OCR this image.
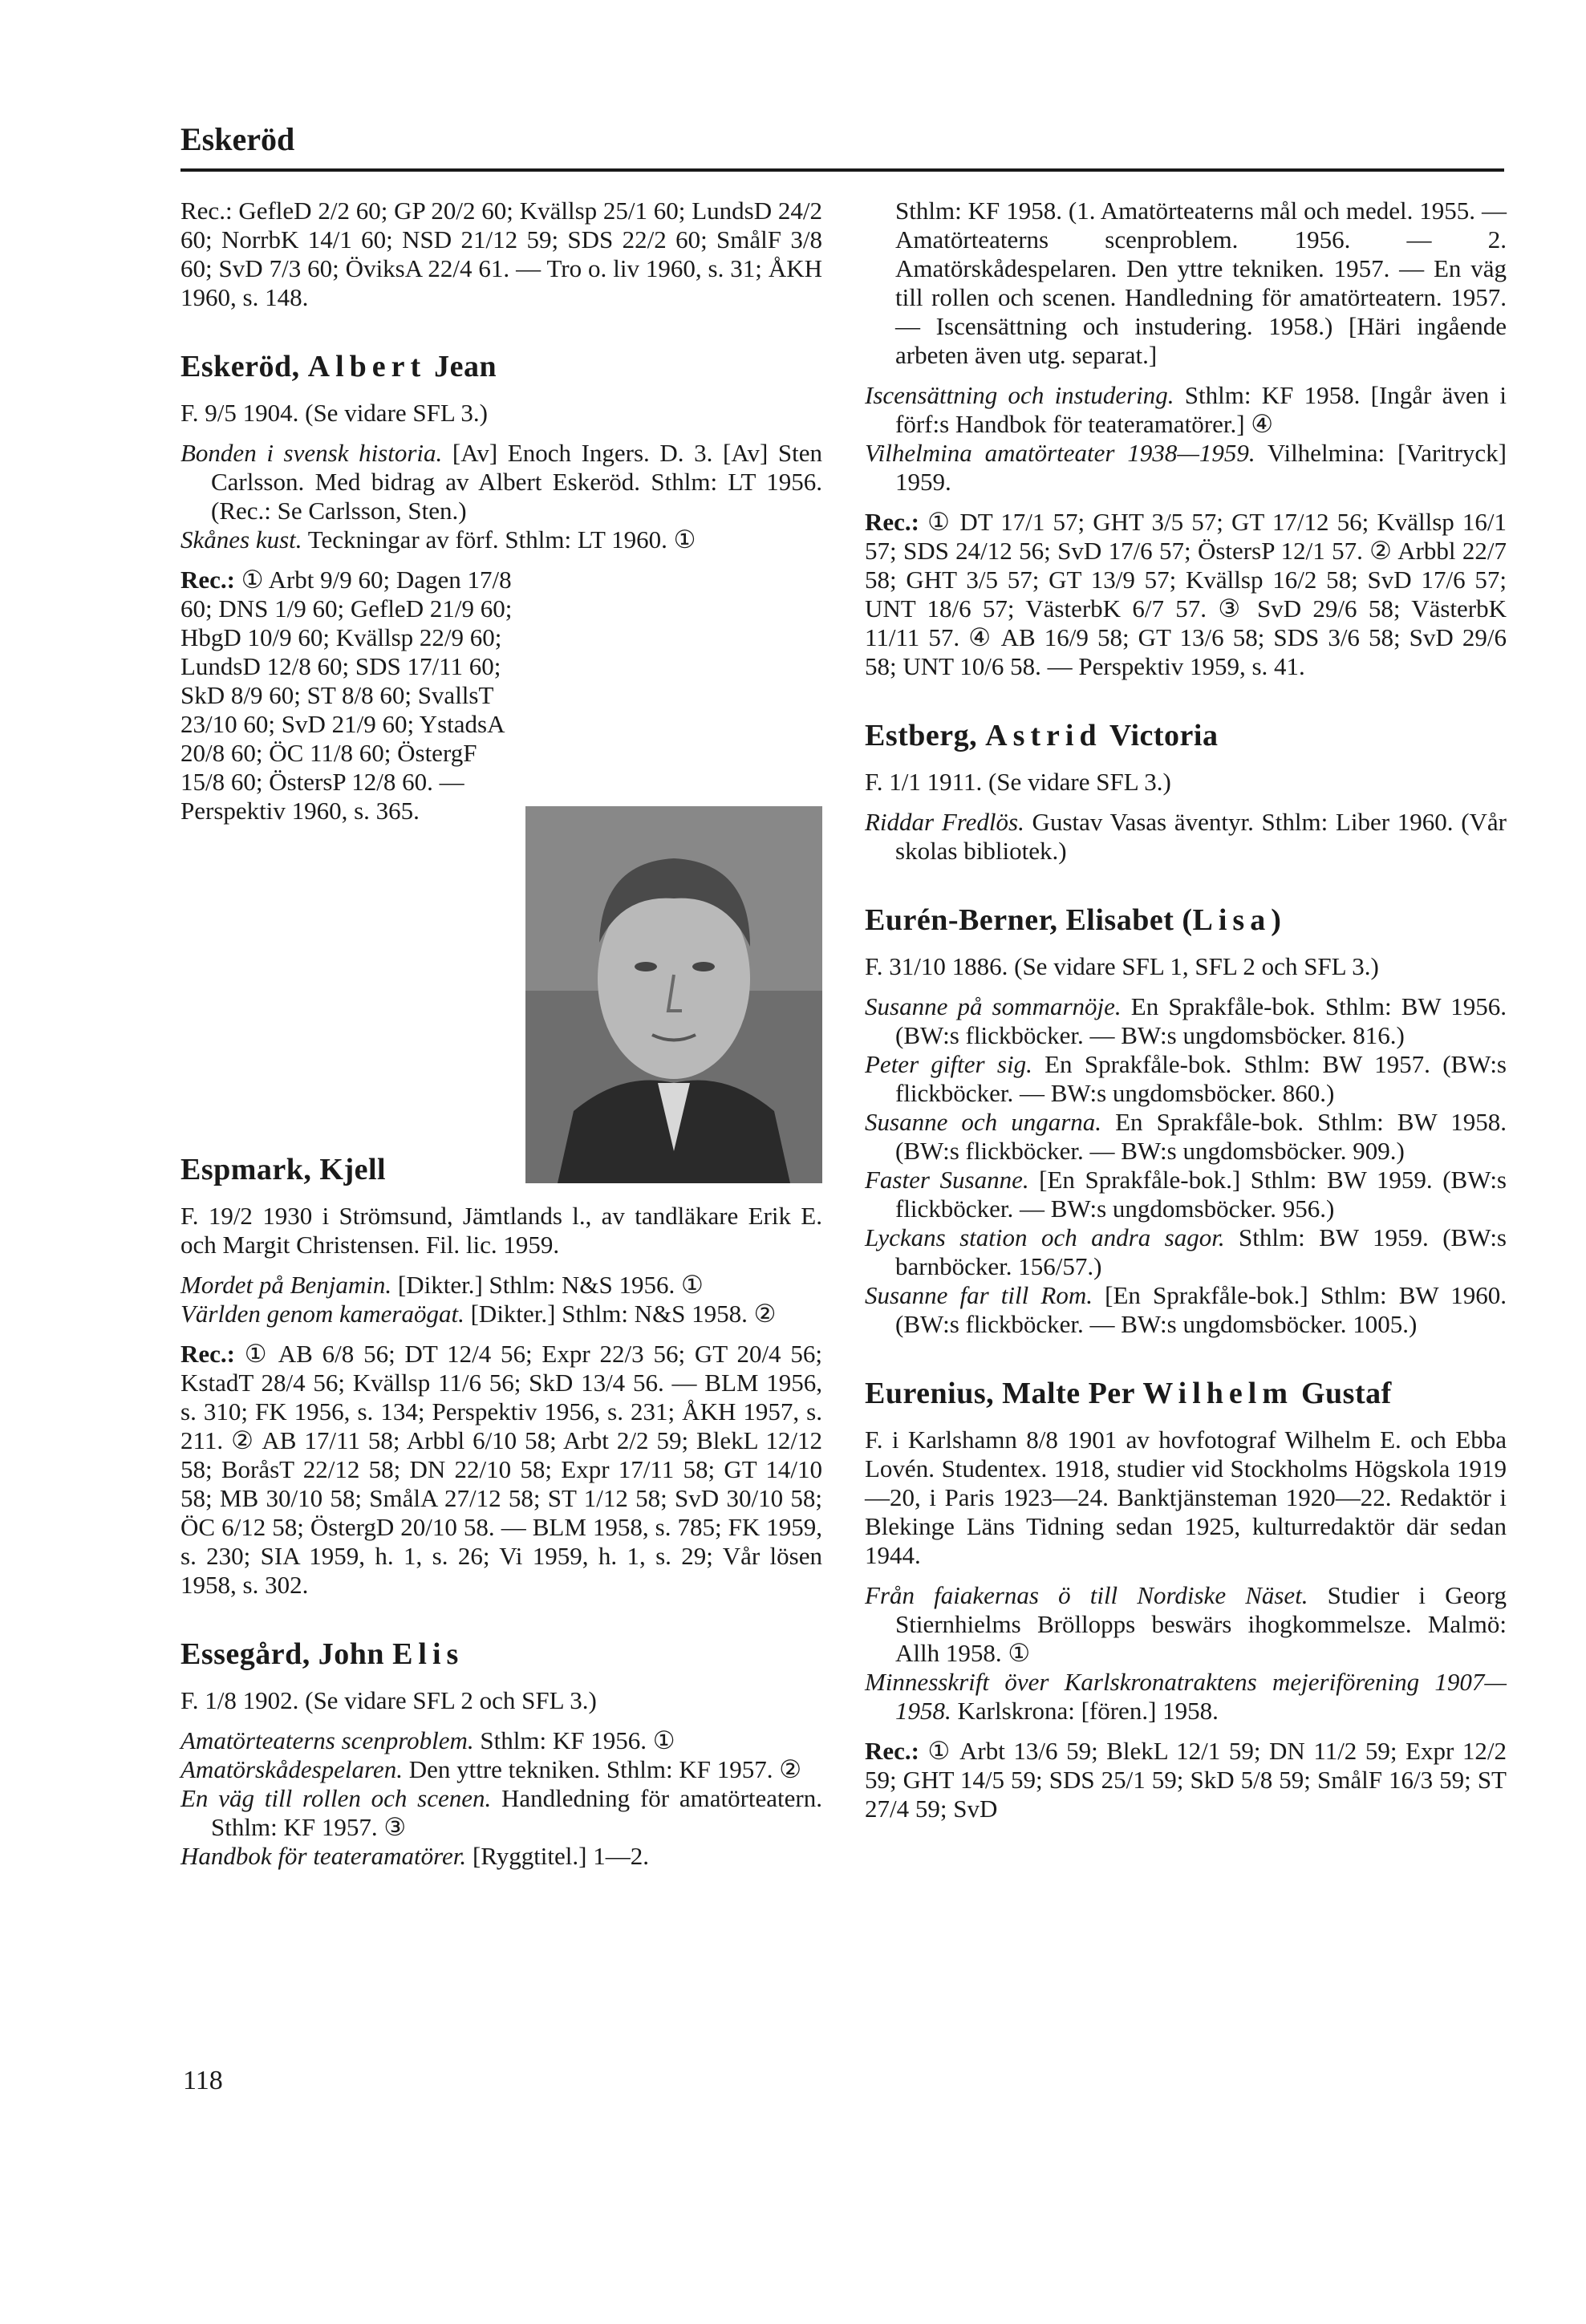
Eskeröd
Rec.: GefleD 2/2 60; GP 20/2 60; Kvällsp 25/1 60; LundsD 24/2 60; NorrbK 14/1 60; NSD 21/12 59; SDS 22/2 60; SmålF 3/8 60; SvD 7/3 60; ÖviksA 22/4 61. — Tro o. liv 1960, s. 31; ÅKH 1960, s. 148.
Eskeröd, Albert Jean
F. 9/5 1904. (Se vidare SFL 3.)
Bonden i svensk historia. [Av] Enoch Ingers. D. 3. [Av] Sten Carlsson. Med bidrag av Albert Eskeröd. Sthlm: LT 1956. (Rec.: Se Carlsson, Sten.)
Skånes kust. Teckningar av förf. Sthlm: LT 1960. ①
Rec.: ① Arbt 9/9 60; Dagen 17/8 60; DNS 1/9 60; GefleD 21/9 60; HbgD 10/9 60; Kvällsp 22/9 60; LundsD 12/8 60; SDS 17/11 60; SkD 8/9 60; ST 8/8 60; SvallsT 23/10 60; SvD 21/9 60; YstadsA 20/8 60; ÖC 11/8 60; ÖstergF 15/8 60; ÖstersP 12/8 60. — Perspektiv 1960, s. 365.
Espmark, Kjell
F. 19/2 1930 i Strömsund, Jämtlands l., av tandläkare Erik E. och Margit Christensen. Fil. lic. 1959.
Mordet på Benjamin. [Dikter.] Sthlm: N&S 1956. ①
Världen genom kameraögat. [Dikter.] Sthlm: N&S 1958. ②
Rec.: ① AB 6/8 56; DT 12/4 56; Expr 22/3 56; GT 20/4 56; KstadT 28/4 56; Kvällsp 11/6 56; SkD 13/4 56. — BLM 1956, s. 310; FK 1956, s. 134; Perspektiv 1956, s. 231; ÅKH 1957, s. 211. ② AB 17/11 58; Arbbl 6/10 58; Arbt 2/2 59; BlekL 12/12 58; BoråsT 22/12 58; DN 22/10 58; Expr 17/11 58; GT 14/10 58; MB 30/10 58; SmålA 27/12 58; ST 1/12 58; SvD 30/10 58; ÖC 6/12 58; ÖstergD 20/10 58. — BLM 1958, s. 785; FK 1959, s. 230; SIA 1959, h. 1, s. 26; Vi 1959, h. 1, s. 29; Vår lösen 1958, s. 302.
Essegård, John Elis
F. 1/8 1902. (Se vidare SFL 2 och SFL 3.)
Amatörteaterns scenproblem. Sthlm: KF 1956. ①
Amatörskådespelaren. Den yttre tekniken. Sthlm: KF 1957. ②
En väg till rollen och scenen. Handledning för amatörteatern. Sthlm: KF 1957. ③
Handbok för teateramatörer. [Ryggtitel.] 1—2.
Sthlm: KF 1958. (1. Amatörteaterns mål och medel. 1955. — Amatörteaterns scenproblem. 1956. — 2. Amatörskådespelaren. Den yttre tekniken. 1957. — En väg till rollen och scenen. Handledning för amatörteatern. 1957. — Iscensättning och instudering. 1958.) [Häri ingående arbeten även utg. separat.]
Iscensättning och instudering. Sthlm: KF 1958. [Ingår även i förf:s Handbok för teateramatörer.] ④
Vilhelmina amatörteater 1938—1959. Vilhelmina: [Varitryck] 1959.
Rec.: ① DT 17/1 57; GHT 3/5 57; GT 17/12 56; Kvällsp 16/1 57; SDS 24/12 56; SvD 17/6 57; ÖstersP 12/1 57. ② Arbbl 22/7 58; GHT 3/5 57; GT 13/9 57; Kvällsp 16/2 58; SvD 17/6 57; UNT 18/6 57; VästerbK 6/7 57. ③ SvD 29/6 58; VästerbK 11/11 57. ④ AB 16/9 58; GT 13/6 58; SDS 3/6 58; SvD 29/6 58; UNT 10/6 58. — Perspektiv 1959, s. 41.
Estberg, Astrid Victoria
F. 1/1 1911. (Se vidare SFL 3.)
Riddar Fredlös. Gustav Vasas äventyr. Sthlm: Liber 1960. (Vår skolas bibliotek.)
Eurén-Berner, Elisabet (Lisa)
F. 31/10 1886. (Se vidare SFL 1, SFL 2 och SFL 3.)
Susanne på sommarnöje. En Sprakfåle-bok. Sthlm: BW 1956. (BW:s flickböcker. — BW:s ungdomsböcker. 816.)
Peter gifter sig. En Sprakfåle-bok. Sthlm: BW 1957. (BW:s flickböcker. — BW:s ungdomsböcker. 860.)
Susanne och ungarna. En Sprakfåle-bok. Sthlm: BW 1958. (BW:s flickböcker. — BW:s ungdomsböcker. 909.)
Faster Susanne. [En Sprakfåle-bok.] Sthlm: BW 1959. (BW:s flickböcker. — BW:s ungdomsböcker. 956.)
Lyckans station och andra sagor. Sthlm: BW 1959. (BW:s barnböcker. 156/57.)
Susanne far till Rom. [En Sprakfåle-bok.] Sthlm: BW 1960. (BW:s flickböcker. — BW:s ungdomsböcker. 1005.)
Eurenius, Malte Per Wilhelm Gustaf
F. i Karlshamn 8/8 1901 av hovfotograf Wilhelm E. och Ebba Lovén. Studentex. 1918, studier vid Stockholms Högskola 1919—20, i Paris 1923—24. Banktjänsteman 1920—22. Redaktör i Blekinge Läns Tidning sedan 1925, kulturredaktör där sedan 1944.
Från faiakernas ö till Nordiske Näset. Studier i Georg Stiernhielms Bröllopps beswärs ihogkommelsze. Malmö: Allh 1958. ①
Minnesskrift över Karlskronatraktens mejeriförening 1907—1958. Karlskrona: [fören.] 1958.
Rec.: ① Arbt 13/6 59; BlekL 12/1 59; DN 11/2 59; Expr 12/2 59; GHT 14/5 59; SDS 25/1 59; SkD 5/8 59; SmålF 16/3 59; ST 27/4 59; SvD
118
